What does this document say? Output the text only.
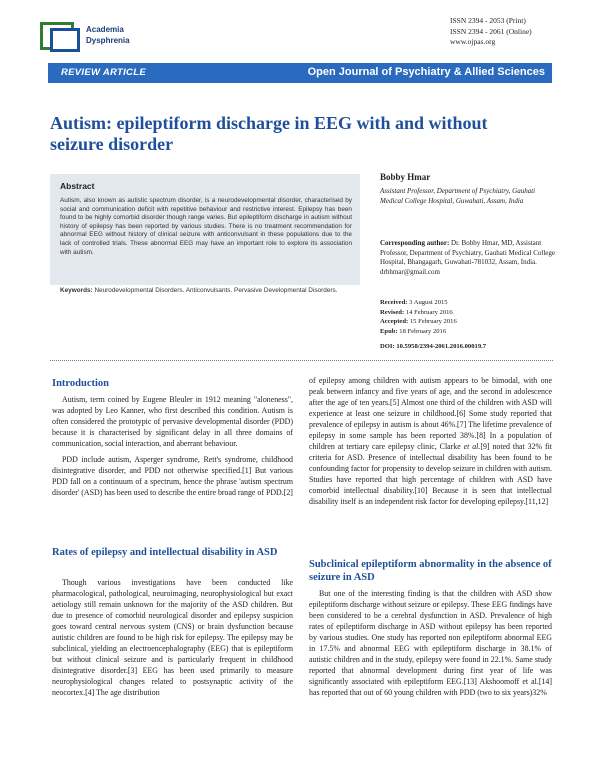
Academia
Dysphrenia
ISSN 2394 - 2053 (Print)
ISSN 2394 - 2061 (Online)
www.ojpas.org
REVIEW ARTICLE	Open Journal of Psychiatry & Allied Sciences
Autism: epileptiform discharge in EEG with and without seizure disorder
Abstract
Autism, also known as autistic spectrum disorder, is a neurodevelopmental disorder, characterised by social and communication deficit with repetitive behaviour and restrictive interest. Epilepsy has been found to be highly comorbid disorder though range varies. But epileptiform discharge in autism without history of epilepsy has been reported by various studies. There is no treatment recommendation for abnormal EEG without history of clinical seizure with anticonvulsant in these populations due to the lack of controlled trials. These abnormal EEG may have an important role to explore its association with autism.
Keywords: Neurodevelopmental Disorders. Anticonvulsants. Pervasive Developmental Disorders.
Bobby Hmar
Assistant Professor, Department of Psychiatry, Gauhati Medical College Hospital, Guwahati, Assam, India
Corresponding author: Dr. Bobby Hmar, MD, Assistant Professor, Department of Psychiatry, Gauhati Medical College Hospital, Bhangagarh, Guwahati-781032, Assam, India. drbhmar@gmail.com
Received: 3 August 2015
Revised: 14 February 2016
Accepted: 15 February 2016
Epub: 18 February 2016
DOI: 10.5958/2394-2061.2016.00019.7
Introduction

Autism, term coined by Eugene Bleuler in 1912 meaning "aloneness", was adopted by Leo Kanner, who first described this condition. Autism is often considered the prototypic of pervasive developmental disorder (PDD) because it is characterised by significant delay in all three domains of communication, social interaction, and aberrant behaviour.

PDD include autism, Asperger syndrome, Rett's syndrome, childhood disintegrative disorder, and PDD not otherwise specified.[1] But various PDD fall on a continuum of a spectrum, hence the phrase 'autism spectrum disorder' (ASD) has been used to describe the entire broad range of PDD.[2]

Rates of epilepsy and intellectual disability in ASD

Though various investigations have been conducted like pharmacological, pathological, neuroimaging, neurophysiological but exact aetiology still remain unknown for the majority of the ASD children. But due to presence of comorbid neurological disorder and epilepsy suspicion goes toward central nervous system (CNS) or brain dysfunction because autistic children are found to be high risk for epilepsy. The epilepsy may be subclinical, yielding an electroencephalography (EEG) that is epileptiform but without clinical seizure and is particularly frequent in childhood disintegrative disorder.[3] EEG has been used primarily to measure neurophysiological changes related to postsynaptic activity of the neocortex.[4] The age distribution

of epilepsy among children with autism appears to be bimodal, with one peak between infancy and five years of age, and the second in adolescence after the age of ten years.[5] Almost one third of the children with ASD will experience at least one seizure in childhood.[6] Some study reported that prevalence of epilepsy in autism is about 46%.[7] The lifetime prevalence of epilepsy in some sample has been reported 38%.[8] In a population of children at tertiary care epilepsy clinic, Clarke et al.[9] noted that 32% fit criteria for ASD. Presence of intellectual disability has been found to be confounding factor for propensity to develop seizure in children with autism. Studies have reported that high percentage of children with ASD have comorbid intellectual disability.[10] Because it is seen that intellectual disability itself is an independent risk factor for developing epilepsy.[11,12]

Subclinical epileptiform abnormality in the absence of seizure in ASD

But one of the interesting finding is that the children with ASD show epileptiform discharge without seizure or epilepsy. These EEG findings have been considered to be a cerebral dysfunction in ASD. Prevalence of high rates of epileptiform discharge in ASD without epilepsy has been reported by various studies. One study has reported non epileptiform abnormal EEG in 17.5% and abnormal EEG with epileptiform discharge in 38.1% of autistic children and in the study, epilepsy were found in 22.1%. Same study reported that abnormal development during first year of life was significantly associated with epileptiform EEG.[13] Akshoomoff et al.[14] has reported that out of 60 young children with PDD (two to six years)32%
